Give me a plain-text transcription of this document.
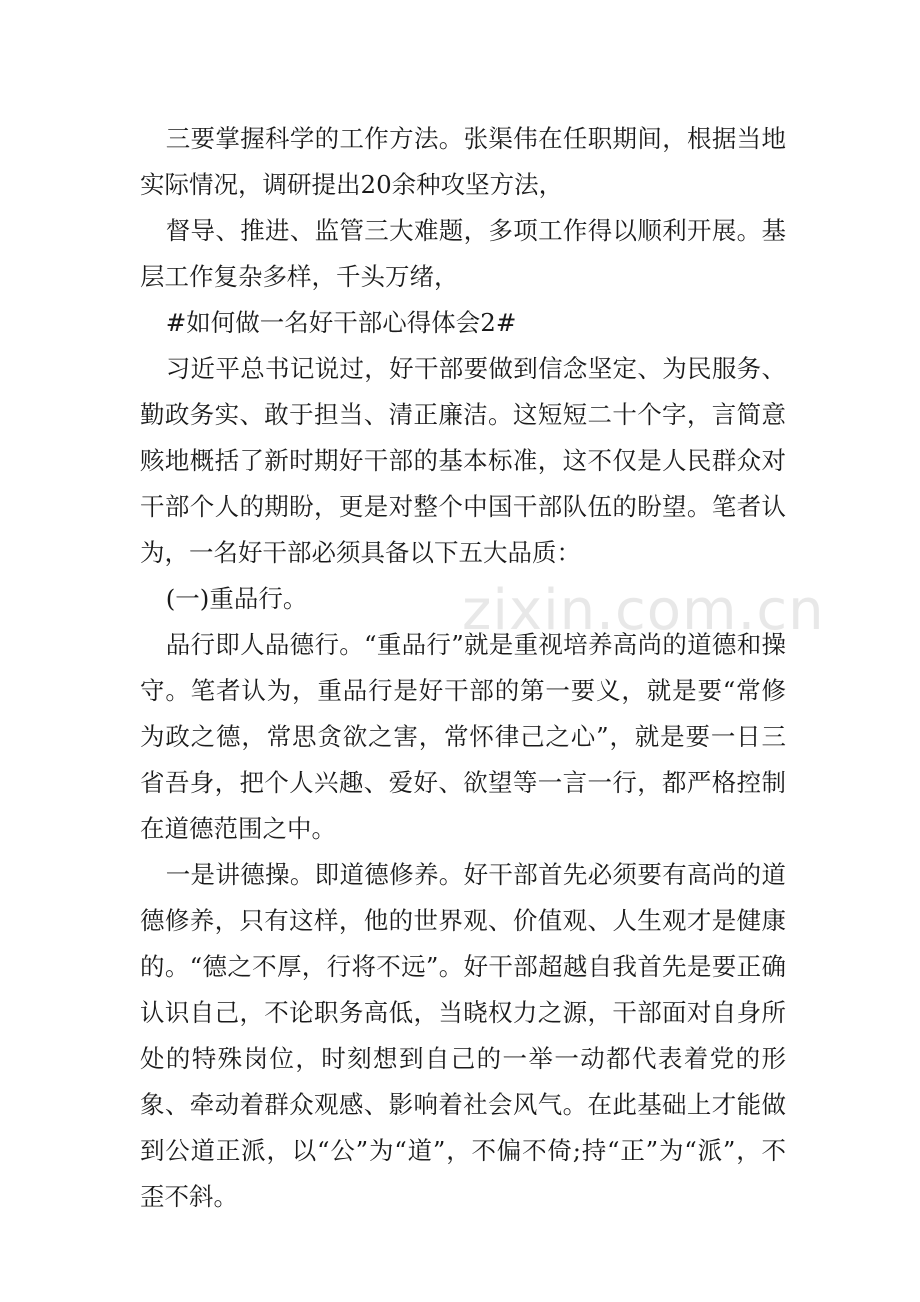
三要掌握科学的工作方法。张渠伟在任职期间，根据当地实际情况，调研提出20余种攻坚方法，

督导、推进、监管三大难题，多项工作得以顺利开展。基层工作复杂多样，千头万绪，

#如何做一名好干部心得体会2#

习近平总书记说过，好干部要做到信念坚定、为民服务、勤政务实、敢于担当、清正廉洁。这短短二十个字，言简意赅地概括了新时期好干部的基本标准，这不仅是人民群众对干部个人的期盼，更是对整个中国干部队伍的盼望。笔者认为，一名好干部必须具备以下五大品质：

(一)重品行。

品行即人品德行。“重品行”就是重视培养高尚的道德和操守。笔者认为，重品行是好干部的第一要义，就是要“常修为政之德，常思贪欲之害，常怀律己之心”，就是要一日三省吾身，把个人兴趣、爱好、欲望等一言一行，都严格控制在道德范围之中。

一是讲德操。即道德修养。好干部首先必须要有高尚的道德修养，只有这样，他的世界观、价值观、人生观才是健康的。“德之不厚，行将不远”。好干部超越自我首先是要正确认识自己，不论职务高低，当晓权力之源，干部面对自身所处的特殊岗位，时刻想到自己的一举一动都代表着党的形象、牵动着群众观感、影响着社会风气。在此基础上才能做到公道正派，以“公”为“道”，不偏不倚;持“正”为“派”，不歪不斜。

zixin.com.cn
